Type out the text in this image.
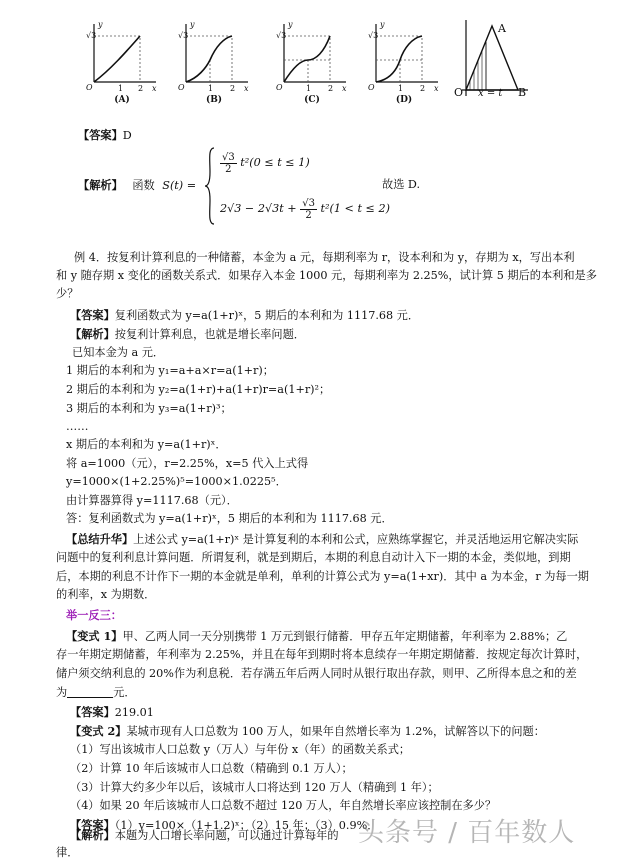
√3	√3	√3	√3
y	y	y	y
x	x	x	x
O	O	O	O
1 2	1 2	1 2	1 2
(A)	(B)	(C)	(D)
A
O	B
x = t
【答案】D
【解析】 函数 S(t) =
$\frac{√3}{2} t^2(0 \le t \le 1)$
$2√3 - 2√3t + \frac{√3}{2} t^2(1 < t \le 2)$
故选 D.
例 4．按复利计算利息的一种储蓄，本金为 a 元，每期利率为 r，设本利和为 y，存期为 x，写出本利
和 y 随存期 x 变化的函数关系式．如果存入本金 1000 元，每期利率为 2.25%，试计算 5 期后的本利和是多
少？
【答案】复利函数式为 y=a(1+r)ˣ，5 期后的本利和为 1117.68 元．
【解析】按复利计算利息，也就是增长率问题．
已知本金为 a 元．
1 期后的本利和为 y₁=a+a×r=a(1+r)；
2 期后的本利和为 y₂=a(1+r)+a(1+r)r=a(1+r)²；
3 期后的本利和为 y₃=a(1+r)³；
……
x 期后的本利和为 y=a(1+r)ˣ．
将 a=1000（元），r=2.25%，x=5 代入上式得
y=1000×(1+2.25%)⁵=1000×1.0225⁵．
由计算器算得 y=1117.68（元）．
答：复利函数式为 y=a(1+r)ˣ，5 期后的本利和为 1117.68 元．
【总结升华】上述公式 y=a(1+r)ˣ 是计算复利的本利和公式，应熟练掌握它，并灵活地运用它解决实际
问题中的复利利息计算问题．所谓复利，就是到期后，本期的利息自动计入下一期的本金，类似地，到期
后，本期的利息不计作下一期的本金就是单利，单利的计算公式为 y=a(1+xr)．其中 a 为本金，r 为每一期
的利率，x 为期数．
举一反三：
【变式 1】甲、乙两人同一天分别携带 1 万元到银行储蓄．甲存五年定期储蓄，年利率为 2.88%；乙
存一年期定期储蓄，年利率为 2.25%，并且在每年到期时将本息续存一年期定期储蓄．按规定每次计算时，
储户须交纳利息的 20%作为利息税．若存满五年后两人同时从银行取出存款，则甲、乙所得本息之和的差
为	元．
【答案】219.01
【变式 2】某城市现有人口总数为 100 万人，如果年自然增长率为 1.2%，试解答以下的问题：
（1）写出该城市人口总数 y（万人）与年份 x（年）的函数关系式；
（2）计算 10 年后该城市人口总数（精确到 0.1 万人）；
（3）计算大约多少年以后，该城市人口将达到 120 万人（精确到 1 年）；
（4）如果 20 年后该城市人口总数不超过 120 万人，年自然增长率应该控制在多少？
【答案】（1）y=100×（1+1.2)ˣ；（2）15 年；（3）0.9%．
【解析】本题为人口增长率问题，可以通过计算每年的
律．
头条号 / 百年数人
